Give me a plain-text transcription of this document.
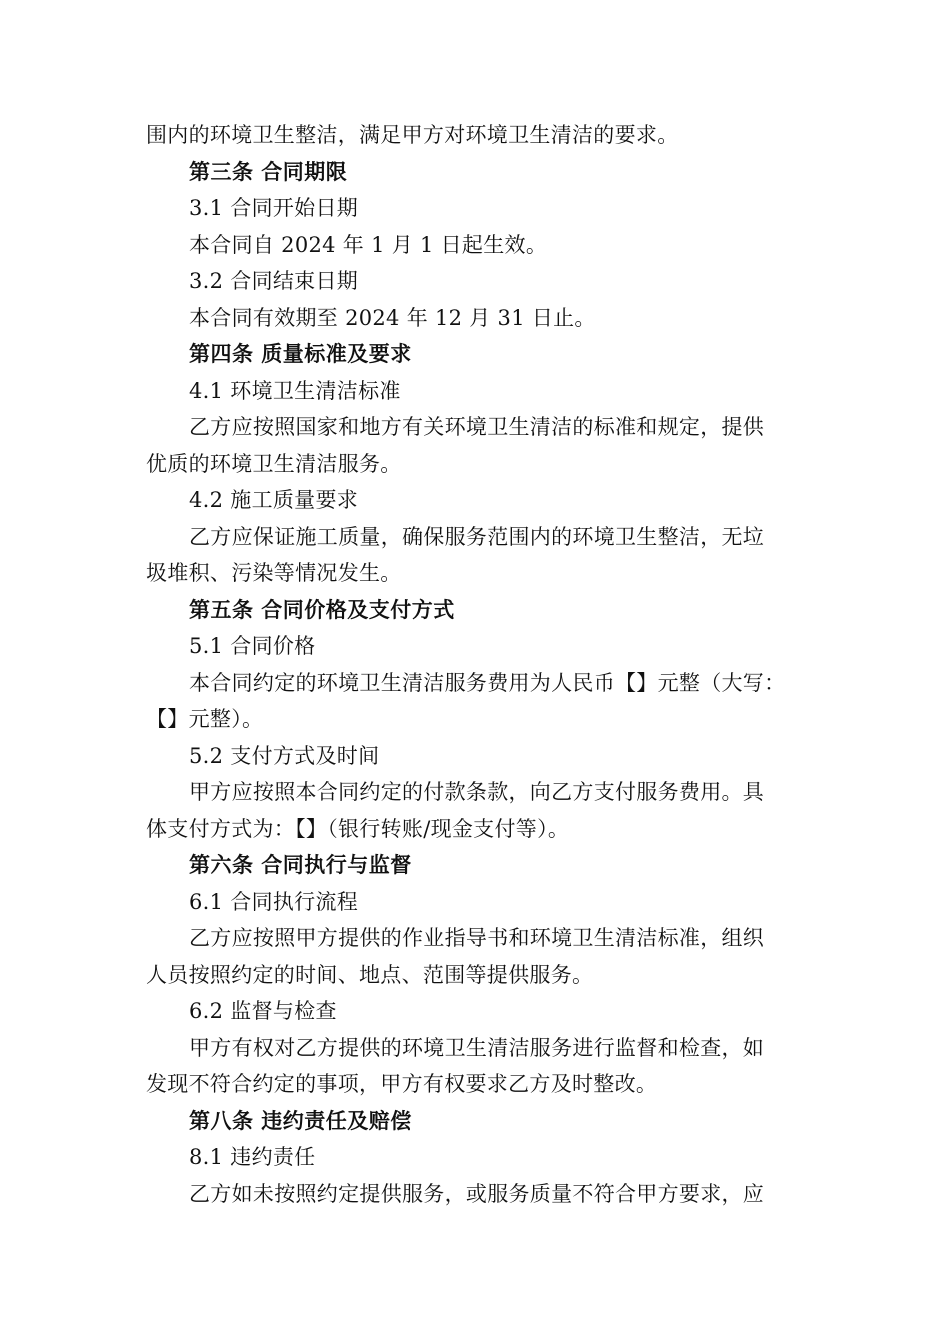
围内的环境卫生整洁，满足甲方对环境卫生清洁的要求。
第三条 合同期限
3.1 合同开始日期
本合同自 2024 年 1 月 1 日起生效。
3.2 合同结束日期
本合同有效期至 2024 年 12 月 31 日止。
第四条 质量标准及要求
4.1 环境卫生清洁标准
乙方应按照国家和地方有关环境卫生清洁的标准和规定，提供
优质的环境卫生清洁服务。
4.2 施工质量要求
乙方应保证施工质量，确保服务范围内的环境卫生整洁，无垃
圾堆积、污染等情况发生。
第五条 合同价格及支付方式
5.1 合同价格
本合同约定的环境卫生清洁服务费用为人民币【】元整（大写：
【】元整）。
5.2 支付方式及时间
甲方应按照本合同约定的付款条款，向乙方支付服务费用。具
体支付方式为：【】（银行转账/现金支付等）。
第六条 合同执行与监督
6.1 合同执行流程
乙方应按照甲方提供的作业指导书和环境卫生清洁标准，组织
人员按照约定的时间、地点、范围等提供服务。
6.2 监督与检查
甲方有权对乙方提供的环境卫生清洁服务进行监督和检查，如
发现不符合约定的事项，甲方有权要求乙方及时整改。
第八条 违约责任及赔偿
8.1 违约责任
乙方如未按照约定提供服务，或服务质量不符合甲方要求，应
